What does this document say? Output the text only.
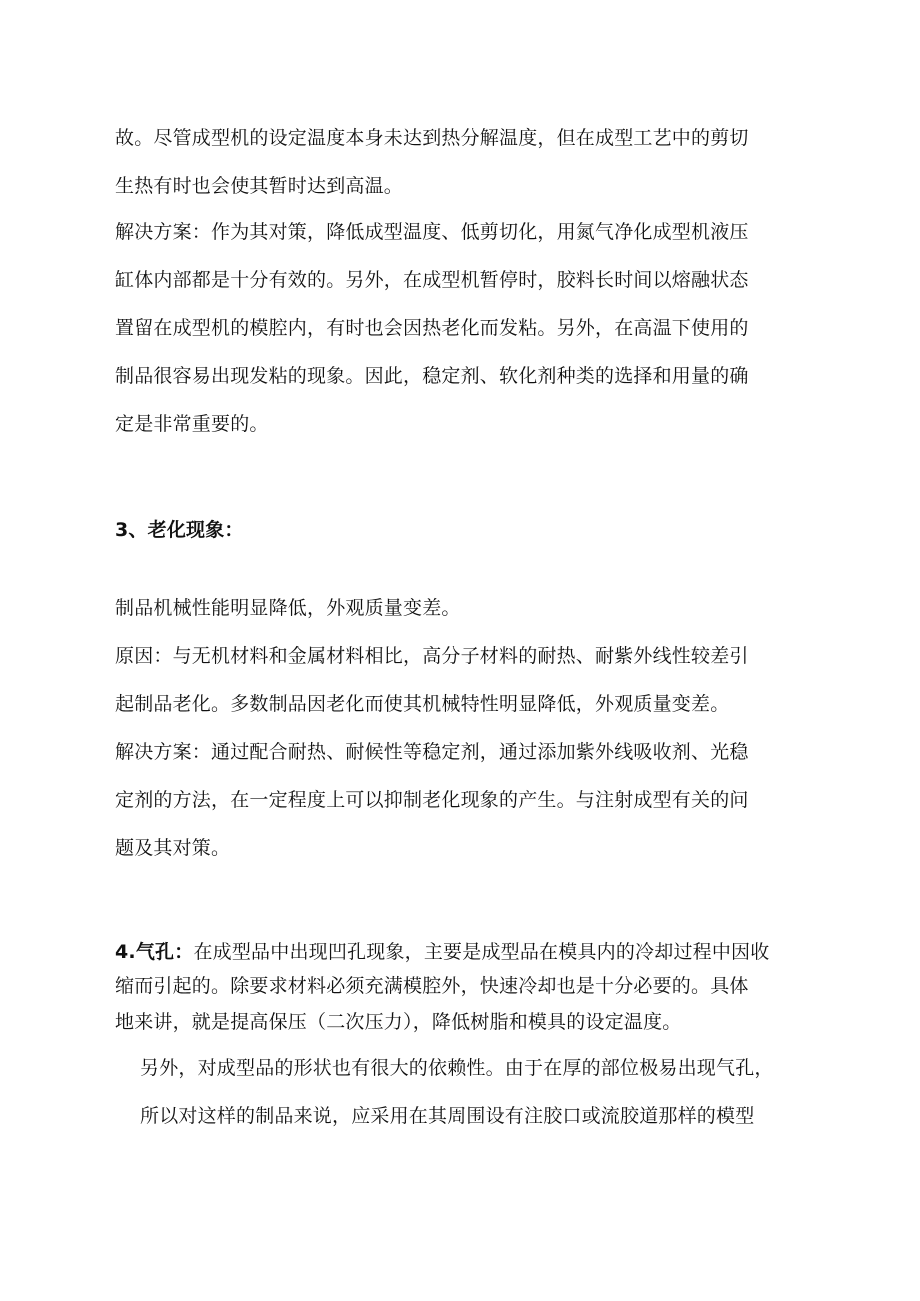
故。尽管成型机的设定温度本身未达到热分解温度，但在成型工艺中的剪切
生热有时也会使其暂时达到高温。
解决方案：作为其对策，降低成型温度、低剪切化，用氮气净化成型机液压
缸体内部都是十分有效的。另外，在成型机暂停时，胶料长时间以熔融状态
置留在成型机的模腔内，有时也会因热老化而发粘。另外，在高温下使用的
制品很容易出现发粘的现象。因此，稳定剂、软化剂种类的选择和用量的确
定是非常重要的。
3、老化现象：
制品机械性能明显降低，外观质量变差。
原因：与无机材料和金属材料相比，高分子材料的耐热、耐紫外线性较差引
起制品老化。多数制品因老化而使其机械特性明显降低，外观质量变差。
解决方案：通过配合耐热、耐候性等稳定剂，通过添加紫外线吸收剂、光稳
定剂的方法，在一定程度上可以抑制老化现象的产生。与注射成型有关的问
题及其对策。
4.气孔：在成型品中出现凹孔现象，主要是成型品在模具内的冷却过程中因收
缩而引起的。除要求材料必须充满模腔外，快速冷却也是十分必要的。具体
地来讲，就是提高保压（二次压力），降低树脂和模具的设定温度。
另外，对成型品的形状也有很大的依赖性。由于在厚的部位极易出现气孔，
所以对这样的制品来说，应采用在其周围设有注胶口或流胶道那样的模型
